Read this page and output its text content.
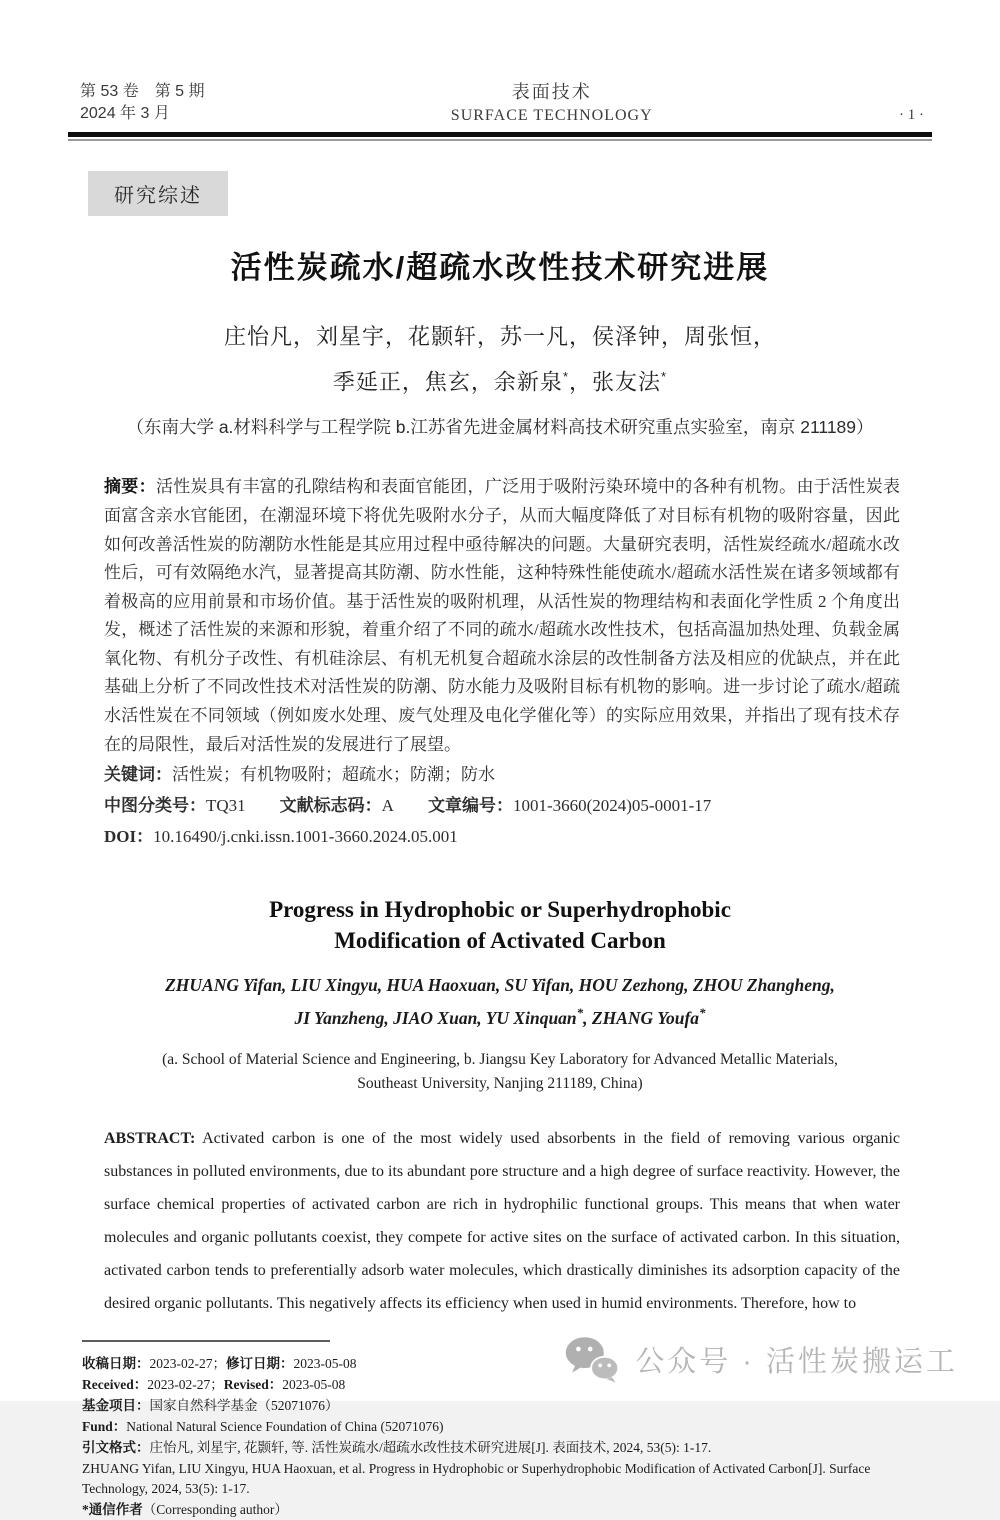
第 53 卷　第 5 期
2024 年 3 月
表面技术
SURFACE TECHNOLOGY	· 1 ·
研究综述
活性炭疏水/超疏水改性技术研究进展
庄怡凡，刘星宇，花颢轩，苏一凡，侯泽钟，周张恒，
季延正，焦玄，余新泉*，张友法*
（东南大学 a.材料科学与工程学院 b.江苏省先进金属材料高技术研究重点实验室，南京 211189）
摘要：活性炭具有丰富的孔隙结构和表面官能团，广泛用于吸附污染环境中的各种有机物。由于活性炭表面富含亲水官能团，在潮湿环境下将优先吸附水分子，从而大幅度降低了对目标有机物的吸附容量，因此如何改善活性炭的防潮防水性能是其应用过程中亟待解决的问题。大量研究表明，活性炭经疏水/超疏水改性后，可有效隔绝水汽，显著提高其防潮、防水性能，这种特殊性能使疏水/超疏水活性炭在诸多领域都有着极高的应用前景和市场价值。基于活性炭的吸附机理，从活性炭的物理结构和表面化学性质 2 个角度出发，概述了活性炭的来源和形貌，着重介绍了不同的疏水/超疏水改性技术，包括高温加热处理、负载金属氧化物、有机分子改性、有机硅涂层、有机无机复合超疏水涂层的改性制备方法及相应的优缺点，并在此基础上分析了不同改性技术对活性炭的防潮、防水能力及吸附目标有机物的影响。进一步讨论了疏水/超疏水活性炭在不同领域（例如废水处理、废气处理及电化学催化等）的实际应用效果，并指出了现有技术存在的局限性，最后对活性炭的发展进行了展望。
关键词：活性炭；有机物吸附；超疏水；防潮；防水
中图分类号：TQ31 文献标志码：A 文章编号：1001-3660(2024)05-0001-17
DOI：10.16490/j.cnki.issn.1001-3660.2024.05.001
Progress in Hydrophobic or Superhydrophobic
Modification of Activated Carbon
ZHUANG Yifan, LIU Xingyu, HUA Haoxuan, SU Yifan, HOU Zezhong, ZHOU Zhangheng,
JI Yanzheng, JIAO Xuan, YU Xinquan*, ZHANG Youfa*
(a. School of Material Science and Engineering, b. Jiangsu Key Laboratory for Advanced Metallic Materials,
Southeast University, Nanjing 211189, China)
ABSTRACT: Activated carbon is one of the most widely used absorbents in the field of removing various organic substances in polluted environments, due to its abundant pore structure and a high degree of surface reactivity. However, the surface chemical properties of activated carbon are rich in hydrophilic functional groups. This means that when water molecules and organic pollutants coexist, they compete for active sites on the surface of activated carbon. In this situation, activated carbon tends to preferentially adsorb water molecules, which drastically diminishes its adsorption capacity of the desired organic pollutants. This negatively affects its efficiency when used in humid environments. Therefore, how to

收稿日期：2023-02-27；修订日期：2023-05-08

Received：2023-02-27；Revised：2023-05-08

基金项目：国家自然科学基金（52071076）

Fund：National Natural Science Foundation of China (52071076)

引文格式：庄怡凡, 刘星宇, 花颢轩, 等. 活性炭疏水/超疏水改性技术研究进展[J]. 表面技术, 2024, 53(5): 1-17.

ZHUANG Yifan, LIU Xingyu, HUA Haoxuan, et al. Progress in Hydrophobic or Superhydrophobic Modification of Activated Carbon[J]. Surface Technology, 2024, 53(5): 1-17.

*通信作者（Corresponding author）

公众号 · 活性炭搬运工
